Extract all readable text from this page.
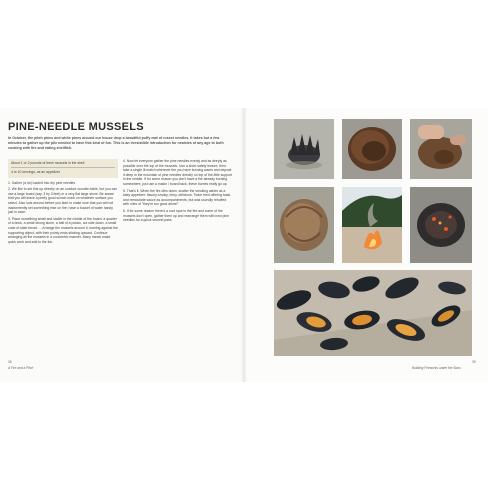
PINE-NEEDLE MUSSELS

In October, the pitch pines and white pines around our house drop a beautiful puffy mat of russet needles. It takes but a few minutes to gather up the pile needed to have this kind of fun. This is an irresistible introduction for newbies of any age to both cooking with fire and eating shellfish.

About 1 or 2 pounds of fresh mussels in the shell

4 to 10 servings, as an appetizer

1. Gather (a lot) loaded into dry pine needles

2. We like to set this up directly on an outdoor wooden table, but you can use a large board (say, 3 by 3 feet) or a very flat large stone. Be aware that you will leave a pretty good scorch mark on whatever surface you select. Also look around before you start to make sure that you will not inadvertently set something else on fire; have a bucket of water handy just in case.

3. Place something small and stable in the middle of the board: a quarter of a brick, a small strong stone, a ball of a potato, cut side down, a small cube of stale bread. ... Arrange the mussels around it, leaning against the supporting object, with their pointy ends sticking upward. Continue arranging all the mussels in a concentric manner. Many hands make quick work and add to the fun.

4. Now let everyone gather the pine needles evenly and as deeply as possible over the top of the mussels. Use a short safety lecture, then take a single lit match wherever the you have burning wants and deposit it deep in the mountain of pine needles directly on top of the little support in the middle. If for some reason you don't have a fire already burning somewhere, just use a match / board back, these burnes really go up.

5. That's it. When the fire dies down, scatter the smoking ashes as a tasty appetizer: flavory-smoky, briny, delicious. Twice tried offering toast and remoulade sauce as accompaniments, but was soundly rebuffed with cries of "they're too good alone!"

6. If for some reason there's a cool spot in the fire and some of the mussels don't open, gather them up and rearrange them with new pine needles for a quick second pass.

38
A Fire and a Pitch
39
Building Fireworks under the Stars
